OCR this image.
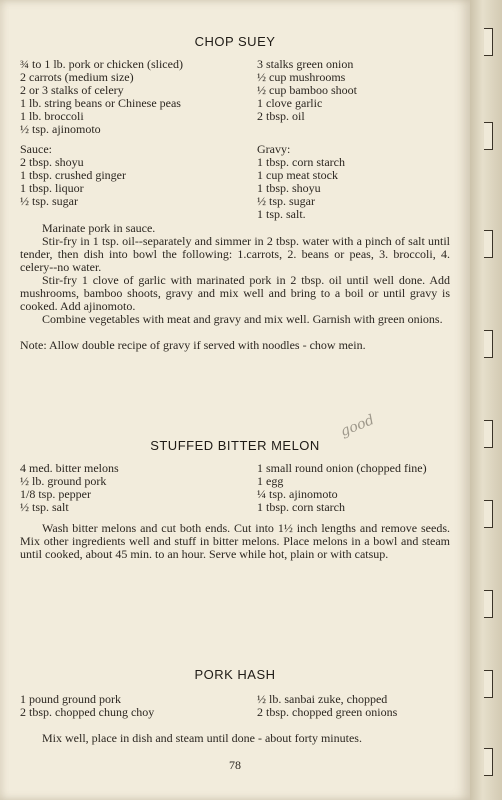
CHOP SUEY
¾ to 1 lb. pork or chicken (sliced)
2 carrots (medium size)
2 or 3 stalks of celery
1 lb. string beans or Chinese peas
1 lb. broccoli
½ tsp. ajinomoto
3 stalks green onion
½ cup mushrooms
½ cup bamboo shoot
1 clove garlic
2 tbsp. oil
Sauce:
2 tbsp. shoyu
1 tbsp. crushed ginger
1 tbsp. liquor
½ tsp. sugar
Gravy:
1 tbsp. corn starch
1 cup meat stock
1 tbsp. shoyu
½ tsp. sugar
1 tsp. salt.

Marinate pork in sauce.

Stir-fry in 1 tsp. oil--separately and simmer in 2 tbsp. water with a pinch of salt until tender, then dish into bowl the following: 1.carrots, 2. beans or peas, 3. broccoli, 4. celery--no water.

Stir-fry 1 clove of garlic with marinated pork in 2 tbsp. oil until well done. Add mushrooms, bamboo shoots, gravy and mix well and bring to a boil or until gravy is cooked. Add ajinomoto.

Combine vegetables with meat and gravy and mix well. Garnish with green onions.

Note: Allow double recipe of gravy if served with noodles - chow mein.
good
STUFFED BITTER MELON
4 med. bitter melons
½ lb. ground pork
1/8 tsp. pepper
½ tsp. salt
1 small round onion (chopped fine)
1 egg
¼ tsp. ajinomoto
1 tbsp. corn starch

Wash bitter melons and cut both ends. Cut into 1½ inch lengths and remove seeds. Mix other ingredients well and stuff in bitter melons. Place melons in a bowl and steam until cooked, about 45 min. to an hour. Serve while hot, plain or with catsup.

PORK HASH
1 pound ground pork
2 tbsp. chopped chung choy
½ lb. sanbai zuke, chopped
2 tbsp. chopped green onions

Mix well, place in dish and steam until done - about forty minutes.

78
